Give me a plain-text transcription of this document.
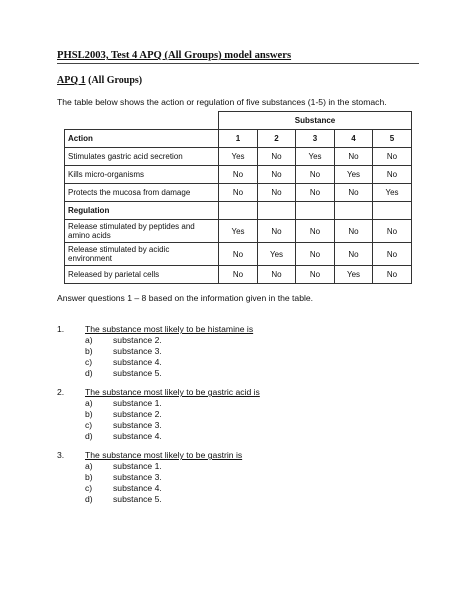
PHSL2003, Test 4 APQ (All Groups) model answers
APQ 1 (All Groups)
The table below shows the action or regulation of five substances (1-5) in the stomach.
	Substance				
Action	1	2	3	4	5
Stimulates gastric acid secretion	Yes	No	Yes	No	No
Kills micro-organisms	No	No	No	Yes	No
Protects the mucosa from damage	No	No	No	No	Yes
Regulation					
Release stimulated by peptides and amino acids	Yes	No	No	No	No
Release stimulated by acidic environment	No	Yes	No	No	No
Released by parietal cells	No	No	No	Yes	No
Answer questions 1 – 8 based on the information given in the table.
1. The substance most likely to be histamine is
a) substance 2.
b) substance 3.
c) substance 4.
d) substance 5.
2. The substance most likely to be gastric acid is
a) substance 1.
b) substance 2.
c) substance 3.
d) substance 4.
3. The substance most likely to be gastrin is
a) substance 1.
b) substance 3.
c) substance 4.
d) substance 5.
